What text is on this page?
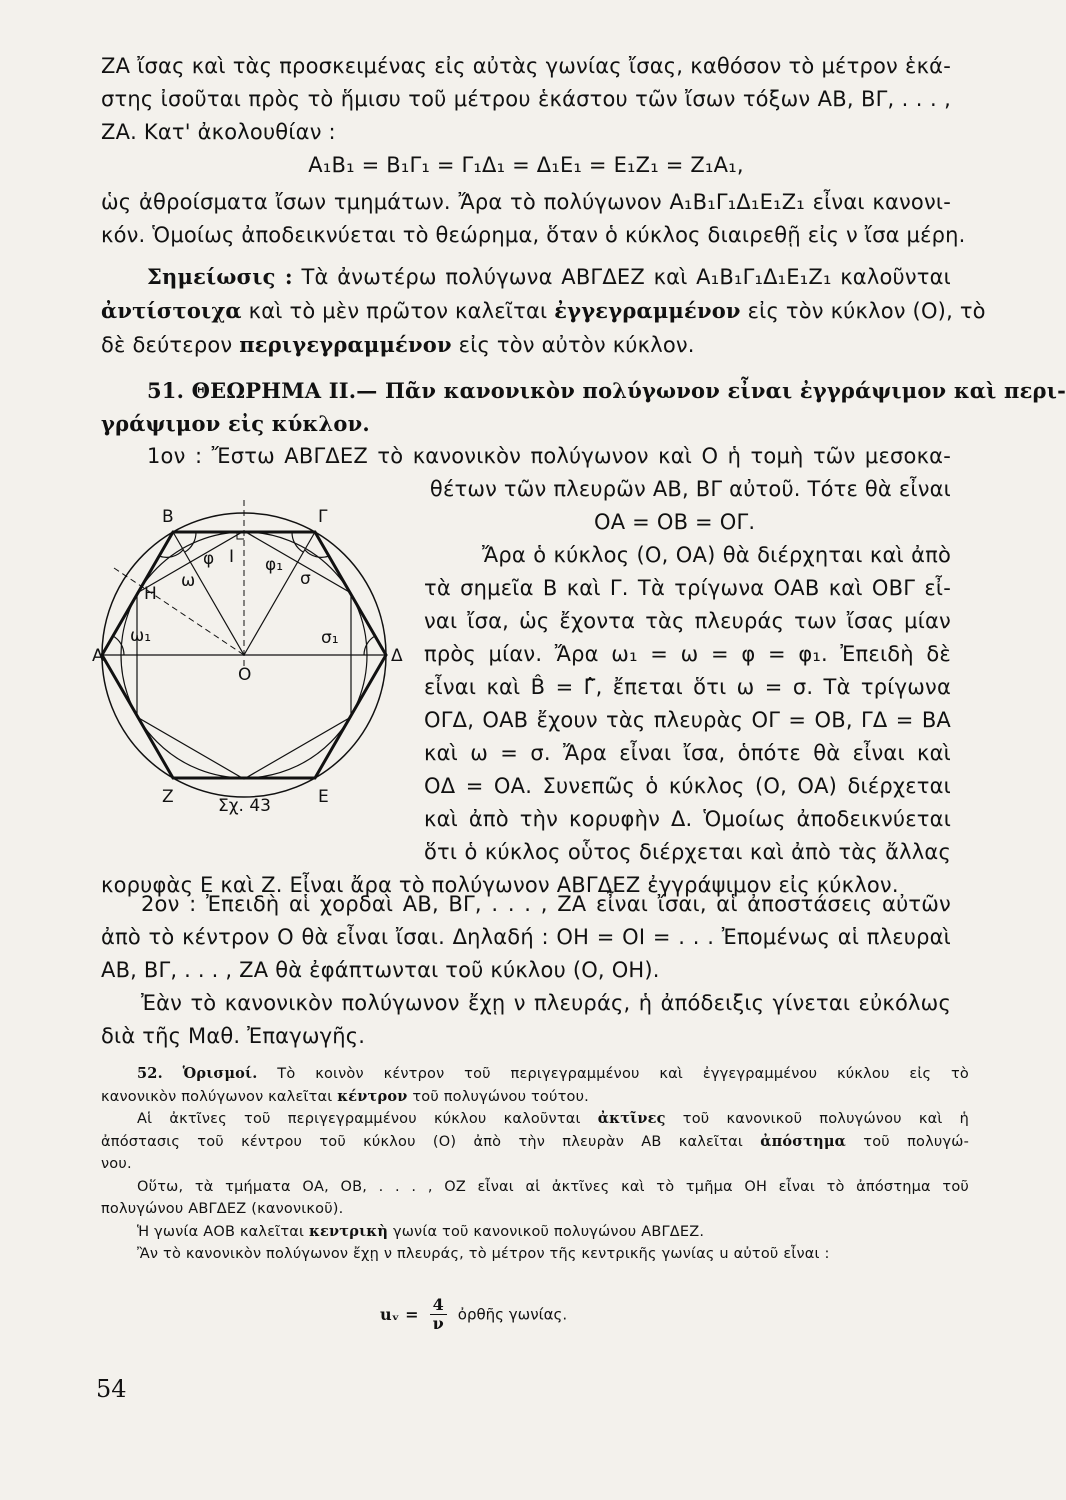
ΖΑ ἴσας καὶ τὰς προσκειμένας εἰς αὐτὰς γωνίας ἴσας, καθόσον τὸ μέτρον ἑκά-
στης ἰσοῦται πρὸς τὸ ἥμισυ τοῦ μέτρου ἑκάστου τῶν ἴσων τόξων ΑΒ, ΒΓ, . . . ,
ΖΑ. Κατ' ἀκολουθίαν :
Α₁Β₁ = Β₁Γ₁ = Γ₁Δ₁ = Δ₁Ε₁ = Ε₁Ζ₁ = Ζ₁Α₁,
ὡς ἀθροίσματα ἴσων τμημάτων. Ἄρα τὸ πολύγωνον Α₁Β₁Γ₁Δ₁Ε₁Ζ₁ εἶναι κανονι-
κόν. Ὁμοίως ἀποδεικνύεται τὸ θεώρημα, ὅταν ὁ κύκλος διαιρεθῇ εἰς ν ἴσα μέρη.
Σημείωσις : Τὰ ἀνωτέρω πολύγωνα ΑΒΓΔΕΖ καὶ Α₁Β₁Γ₁Δ₁Ε₁Ζ₁ καλοῦνται
ἀντίστοιχα καὶ τὸ μὲν πρῶτον καλεῖται ἐγγεγραμμένον εἰς τὸν κύκλον (Ο), τὸ
δὲ δεύτερον περιγεγραμμένον εἰς τὸν αὐτὸν κύκλον.
51. ΘΕΩΡΗΜΑ ΙΙ.— Πᾶν κανονικὸν πολύγωνον εἶναι ἐγγράψιμον καὶ περι-
γράψιμον εἰς κύκλον.
1ον : Ἔστω ΑΒΓΔΕΖ τὸ κανονικὸν πολύγωνον καὶ Ο ἡ τομὴ τῶν μεσοκα-
θέτων τῶν πλευρῶν ΑΒ, ΒΓ αὐτοῦ. Τότε θὰ εἶναι
ΟΑ = ΟΒ = ΟΓ.
Ἄρα ὁ κύκλος (Ο, ΟΑ) θὰ διέρχηται καὶ ἀπὸ
τὰ σημεῖα Β καὶ Γ. Τὰ τρίγωνα ΟΑΒ καὶ ΟΒΓ εἶ-
ναι ἴσα, ὡς ἔχοντα τὰς πλευράς των ἴσας μίαν
πρὸς μίαν. Ἄρα ω₁ = ω = φ = φ₁. Ἐπειδὴ δὲ
εἶναι καὶ B̂ = Γ̂, ἔπεται ὅτι ω = σ. Τὰ τρίγωνα
ΟΓΔ, ΟΑΒ ἔχουν τὰς πλευρὰς ΟΓ = ΟΒ, ΓΔ = ΒΑ
καὶ ω = σ. Ἄρα εἶναι ἴσα, ὁπότε θὰ εἶναι καὶ
ΟΔ = ΟΑ. Συνεπῶς ὁ κύκλος (Ο, ΟΑ) διέρχεται
καὶ ἀπὸ τὴν κορυφὴν Δ. Ὁμοίως ἀποδεικνύεται
ὅτι ὁ κύκλος οὗτος διέρχεται καὶ ἀπὸ τὰς ἄλλας
κορυφὰς Ε καὶ Ζ. Εἶναι ἄρα τὸ πολύγωνον ΑΒΓΔΕΖ ἐγγράψιμον εἰς κύκλον.
Α
Β	Γ
Δ
Ε
Ζ
Ο
Η
Ι
ω
ω₁
φ	φ₁
σ
σ₁
Σχ. 43
2ον : Ἐπειδὴ αἱ χορδαὶ ΑΒ, ΒΓ, . . . , ΖΑ εἶναι ἴσαι, αἱ ἀποστάσεις αὐτῶν
ἀπὸ τὸ κέντρον Ο θὰ εἶναι ἴσαι. Δηλαδή : ΟΗ = ΟΙ = . . . Ἐπομένως αἱ πλευραὶ
ΑΒ, ΒΓ, . . . , ΖΑ θὰ ἐφάπτωνται τοῦ κύκλου (Ο, ΟΗ).
Ἐὰν τὸ κανονικὸν πολύγωνον ἔχῃ ν πλευράς, ἡ ἀπόδειξις γίνεται εὐκόλως
διὰ τῆς Μαθ. Ἐπαγωγῆς.
52. Ὁρισμοί. Τὸ κοινὸν κέντρον τοῦ περιγεγραμμένου καὶ ἐγγεγραμμένου κύκλου εἰς τὸ
κανονικὸν πολύγωνον καλεῖται κέντρον τοῦ πολυγώνου τούτου.
Αἱ ἀκτῖνες τοῦ περιγεγραμμένου κύκλου καλοῦνται ἀκτῖνες τοῦ κανονικοῦ πολυγώνου καὶ ἡ
ἀπόστασις τοῦ κέντρου τοῦ κύκλου (Ο) ἀπὸ τὴν πλευρὰν ΑΒ καλεῖται ἀπόστημα τοῦ πολυγώ-
νου.
Οὕτω, τὰ τμήματα ΟΑ, ΟΒ, . . . , ΟΖ εἶναι αἱ ἀκτῖνες καὶ τὸ τμῆμα ΟΗ εἶναι τὸ ἀπόστημα τοῦ
πολυγώνου ΑΒΓΔΕΖ (κανονικοῦ).
Ἡ γωνία ΑΟΒ καλεῖται κεντρικὴ γωνία τοῦ κανονικοῦ πολυγώνου ΑΒΓΔΕΖ.
Ἂν τὸ κανονικὸν πολύγωνον ἔχῃ ν πλευράς, τὸ μέτρον τῆς κεντρικῆς γωνίας u αὐτοῦ εἶναι :
uᵥ = $\frac{4}{\nu}$ ὀρθῆς γωνίας.
54
